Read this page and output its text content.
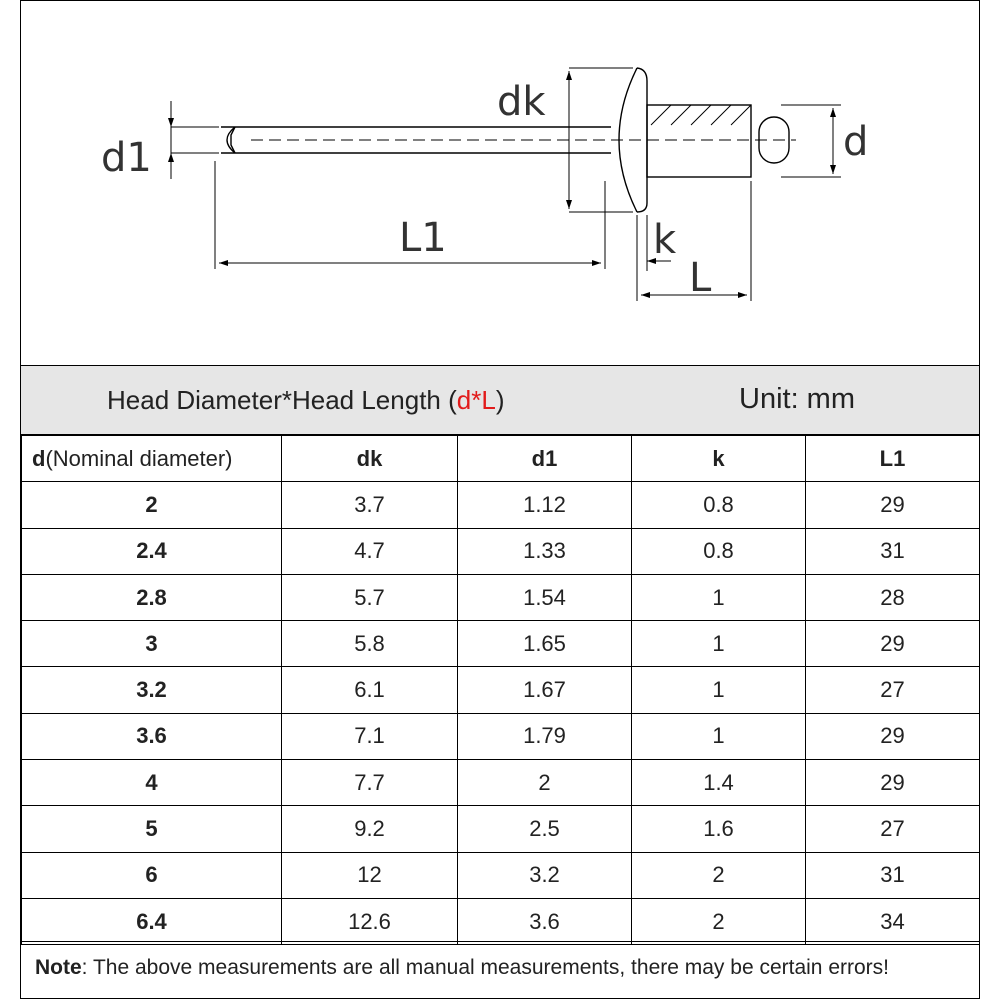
dk
d1	d
L1	k
L
Head Diameter*Head Length (d*L)	Unit: mm
d(Nominal diameter)	dk	d1	k	L1
2	3.7	1.12	0.8	29
2.4	4.7	1.33	0.8	31
2.8	5.7	1.54	1	28
3	5.8	1.65	1	29
3.2	6.1	1.67	1	27
3.6	7.1	1.79	1	29
4	7.7	2	1.4	29
5	9.2	2.5	1.6	27
6	12	3.2	2	31
6.4	12.6	3.6	2	34
Note: The above measurements are all manual measurements, there may be certain errors!
